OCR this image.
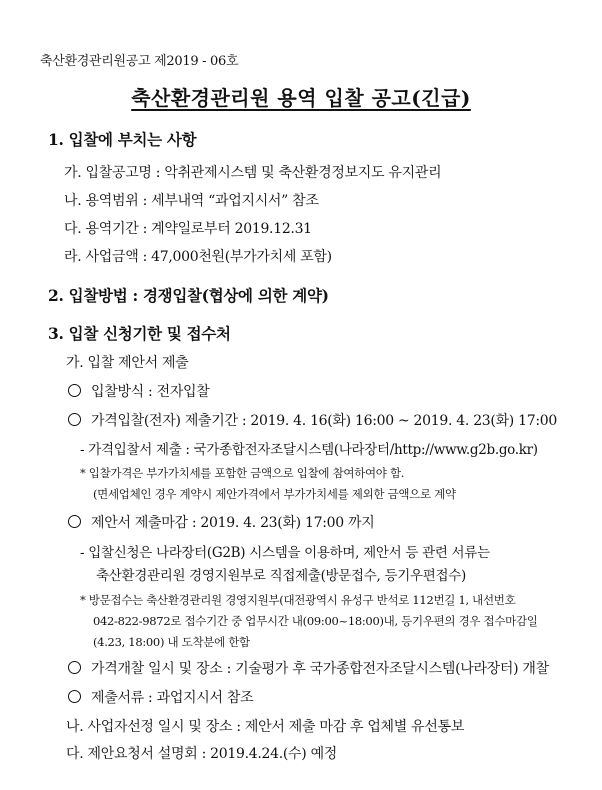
축산환경관리원공고 제2019 - 06호
축산환경관리원 용역 입찰 공고(긴급)
1. 입찰에 부치는 사항
가. 입찰공고명 : 악취관제시스템 및 축산환경정보지도 유지관리
나. 용역범위 : 세부내역 “과업지시서” 참조
다. 용역기간 : 계약일로부터 2019.12.31
라. 사업금액 : 47,000천원(부가가치세 포함)
2. 입찰방법 : 경쟁입찰(협상에 의한 계약)
3. 입찰 신청기한 및 접수처
가. 입찰 제안서 제출
입찰방식 : 전자입찰
가격입찰(전자) 제출기간 : 2019. 4. 16(화) 16:00 ~ 2019. 4. 23(화) 17:00
- 가격입찰서 제출 : 국가종합전자조달시스템(나라장터/http://www.g2b.go.kr)
* 입찰가격은 부가가치세를 포함한 금액으로 입찰에 참여하여야 함.
(면세업체인 경우 계약시 제안가격에서 부가가치세를 제외한 금액으로 계약
제안서 제출마감 : 2019. 4. 23(화) 17:00 까지
- 입찰신청은 나라장터(G2B) 시스템을 이용하며, 제안서 등 관련 서류는
축산환경관리원 경영지원부로 직접제출(방문접수, 등기우편접수)
* 방문접수는 축산환경관리원 경영지원부(대전광역시 유성구 반석로 112번길 1, 내선번호
042-822-9872로 접수기간 중 업무시간 내(09:00~18:00)내, 등기우편의 경우 접수마감일
(4.23, 18:00) 내 도착분에 한함
가격개찰 일시 및 장소 : 기술평가 후 국가종합전자조달시스템(나라장터) 개찰
제출서류 : 과업지시서 참조
나. 사업자선정 일시 및 장소 : 제안서 제출 마감 후 업체별 유선통보
다. 제안요청서 설명회 : 2019.4.24.(수) 예정
